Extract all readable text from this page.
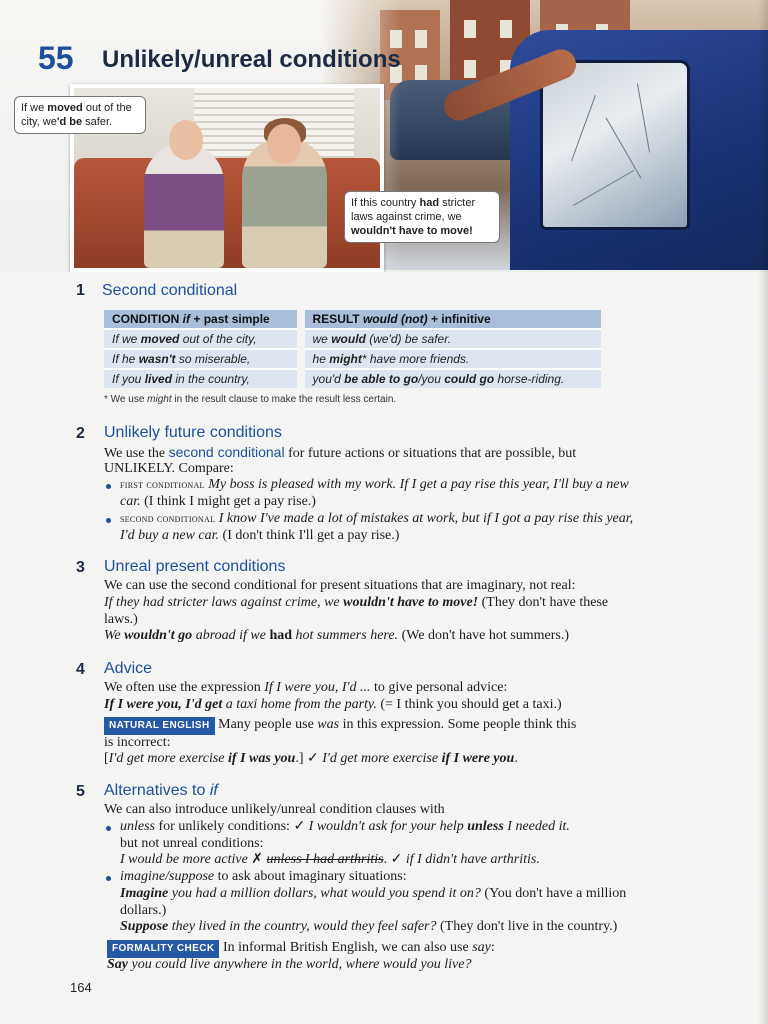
55 Unlikely/unreal conditions
If we moved out of the city, we'd be safer.
If this country had stricter laws against crime, we wouldn't have to move!
1 Second conditional
CONDITION if + past simple	RESULT would (not) + infinitive
If we moved out of the city,	we would (we'd) be safer.
If he wasn't so miserable,	he might* have more friends.
If you lived in the country,	you'd be able to go/you could go horse-riding.
* We use might in the result clause to make the result less certain.
2 Unlikely future conditions
We use the second conditional for future actions or situations that are possible, but
UNLIKELY. Compare:
first conditional My boss is pleased with my work. If I get a pay rise this year, I'll buy a new
car. (I think I might get a pay rise.)
second conditional I know I've made a lot of mistakes at work, but if I got a pay rise this year,
I'd buy a new car. (I don't think I'll get a pay rise.)
3 Unreal present conditions
We can use the second conditional for present situations that are imaginary, not real:
If they had stricter laws against crime, we wouldn't have to move! (They don't have these
laws.)
We wouldn't go abroad if we had hot summers here. (We don't have hot summers.)
4 Advice
We often use the expression If I were you, I'd ... to give personal advice:
If I were you, I'd get a taxi home from the party. (= I think you should get a taxi.)
NATURAL ENGLISH Many people use was in this expression. Some people think this
is incorrect:
[I'd get more exercise if I was you.] ✓ I'd get more exercise if I were you.
5 Alternatives to if
We can also introduce unlikely/unreal condition clauses with
unless for unlikely conditions: ✓ I wouldn't ask for your help unless I needed it.
but not unreal conditions:
I would be more active ✗ unless I had arthritis. ✓ if I didn't have arthritis.
imagine/suppose to ask about imaginary situations:
Imagine you had a million dollars, what would you spend it on? (You don't have a million
dollars.)
Suppose they lived in the country, would they feel safer? (They don't live in the country.)
FORMALITY CHECK In informal British English, we can also use say:
Say you could live anywhere in the world, where would you live?
164
